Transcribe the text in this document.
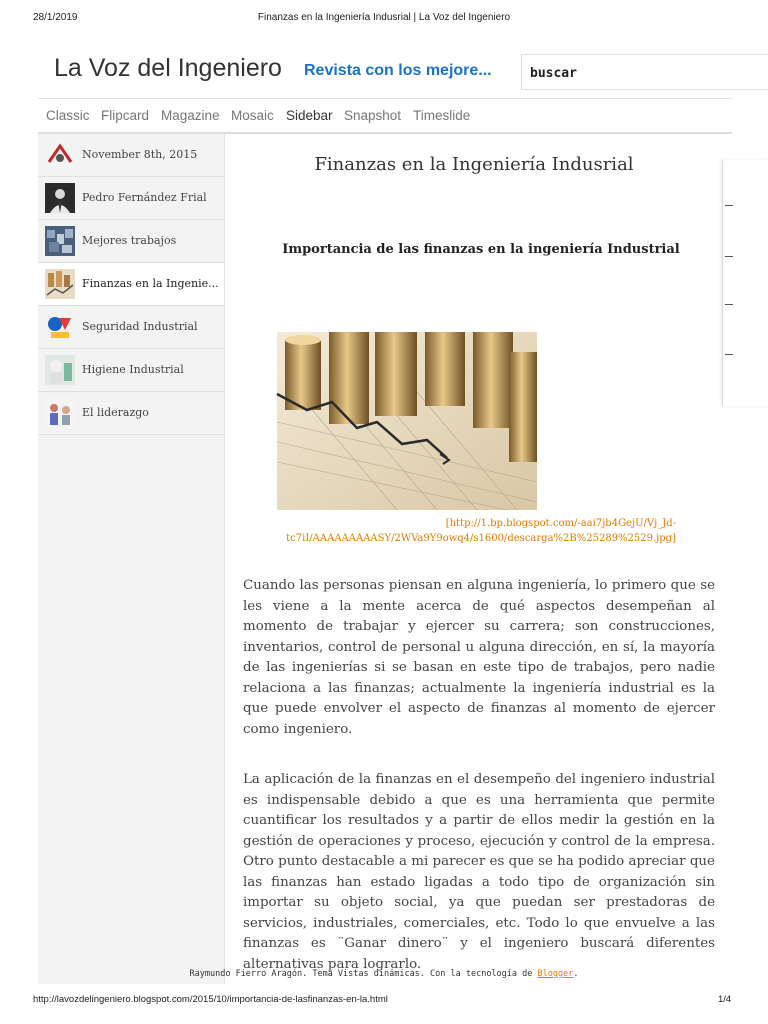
28/1/2019	Finanzas en la Ingeniería Indusrial | La Voz del Ingeniero
La Voz del Ingeniero Revista con los mejore...
buscar
Classic Flipcard Magazine Mosaic Sidebar Snapshot Timeslide
November 8th, 2015
Pedro Fernández Frial
Mejores trabajos
Finanzas en la Ingenie...
Seguridad Industrial
Higiene Industrial
El liderazgo
Finanzas en la Ingeniería Indusrial
Importancia de las finanzas en la ingeniería Industrial
[http://1.bp.blogspot.com/-aai7jb4GejU/Vj_Jd-tc7iI/AAAAAAAAASY/2WVa9Y9owq4/s1600/descarga%2B%25289%2529.jpg]

Cuando las personas piensan en alguna ingeniería, lo primero que se les viene a la mente acerca de qué aspectos desempeñan al momento de trabajar y ejercer su carrera; son construcciones, inventarios, control de personal u alguna dirección, en sí, la mayoría de las ingenierías si se basan en este tipo de trabajos, pero nadie relaciona a las finanzas; actualmente la ingeniería industrial es la que puede envolver el aspecto de finanzas al momento de ejercer como ingeniero.

La aplicación de la finanzas en el desempeño del ingeniero industrial es indispensable debido a que es una herramienta que permite cuantificar los resultados y a partir de ellos medir la gestión en la gestión de operaciones y proceso, ejecución y control de la empresa. Otro punto destacable a mi parecer es que se ha podido apreciar que las finanzas han estado ligadas a todo tipo de organización sin importar su objeto social, ya que puedan ser prestadoras de servicios, industriales, comerciales, etc. Todo lo que envuelve a las finanzas es ¨Ganar dinero¨ y el ingeniero buscará diferentes alternativas para lograrlo.

Raymundo Fierro Aragón. Tema Vistas dinámicas. Con la tecnología de Blogger.
http://lavozdelingeniero.blogspot.com/2015/10/importancia-de-lasfinanzas-en-la.html	1/4
